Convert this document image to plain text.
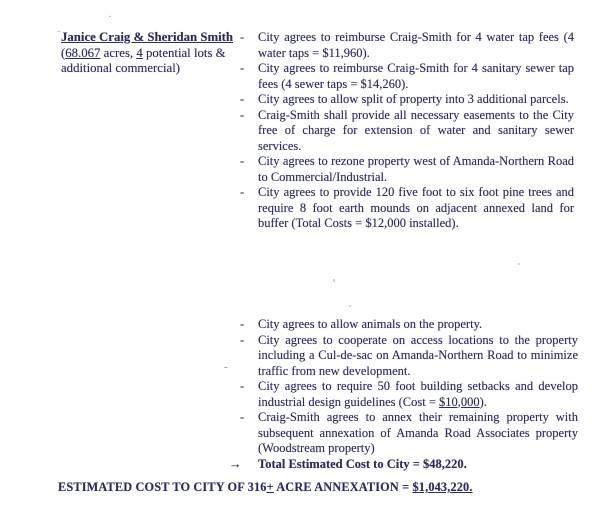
·
·
-
Janice Craig & Sheridan Smith
(68.067 acres, 4 potential lots & additional commercial)
-	City agrees to reimburse Craig-Smith for 4 water tap fees (4 water taps = $11,960).
-	City agrees to reimburse Craig-Smith for 4 sanitary sewer tap fees (4 sewer taps = $14,260).
-	City agrees to allow split of property into 3 additional parcels.
-	Craig-Smith shall provide all necessary easements to the City free of charge for extension of water and sanitary sewer services.
-	City agrees to rezone property west of Amanda-Northern Road to Commercial/Industrial.
-	City agrees to provide 120 five foot to six foot pine trees and require 8 foot earth mounds on adjacent annexed land for buffer (Total Costs = $12,000 installed).
-	City agrees to allow animals on the property.
-	City agrees to cooperate on access locations to the property including a Cul-de-sac on Amanda-Northern Road to minimize traffic from new development.
-	City agrees to require 50 foot building setbacks and develop industrial design guidelines (Cost = $10,000).
-	Craig-Smith agrees to annex their remaining property with subsequent annexation of Amanda Road Associates property (Woodstream property)
→	Total Estimated Cost to City = $48,220.
ESTIMATED COST TO CITY OF 316+ ACRE ANNEXATION = $1,043,220.
